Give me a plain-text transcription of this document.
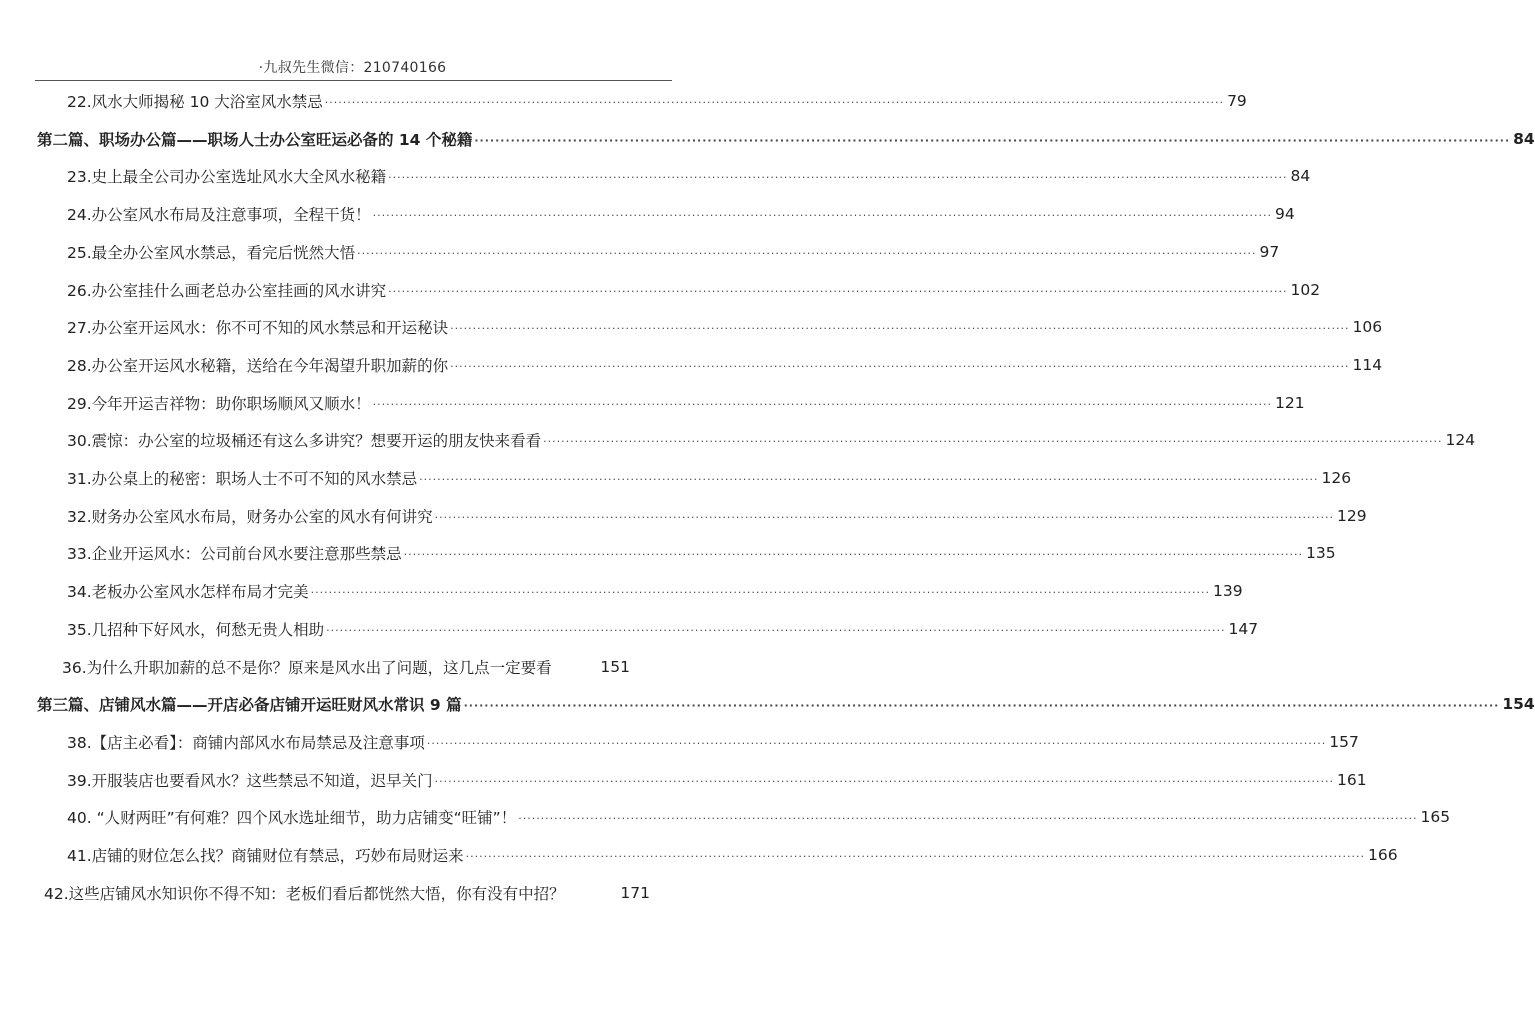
·九叔先生微信：210740166
22.风水大师揭秘 10 大浴室风水禁忌 ········································································································································································································ 79
第二篇、职场办公篇——职场人士办公室旺运必备的 14 个秘籍 ········································································································································································································ 84
23.史上最全公司办公室选址风水大全风水秘籍 ········································································································································································································ 84
24.办公室风水布局及注意事项，全程干货！ ········································································································································································································ 94
25.最全办公室风水禁忌，看完后恍然大悟 ········································································································································································································ 97
26.办公室挂什么画老总办公室挂画的风水讲究 ········································································································································································································ 102
27.办公室开运风水：你不可不知的风水禁忌和开运秘诀 ········································································································································································································ 106
28.办公室开运风水秘籍，送给在今年渴望升职加薪的你 ········································································································································································································ 114
29.今年开运吉祥物：助你职场顺风又顺水！ ········································································································································································································ 121
30.震惊：办公室的垃圾桶还有这么多讲究？想要开运的朋友快来看看 ········································································································································································································ 124
31.办公桌上的秘密：职场人士不可不知的风水禁忌 ········································································································································································································ 126
32.财务办公室风水布局，财务办公室的风水有何讲究 ········································································································································································································ 129
33.企业开运风水：公司前台风水要注意那些禁忌 ········································································································································································································ 135
34.老板办公室风水怎样布局才完美 ········································································································································································································ 139
35.几招种下好风水，何愁无贵人相助 ········································································································································································································ 147
36.为什么升职加薪的总不是你？原来是风水出了问题，这几点一定要看	151
第三篇、店铺风水篇——开店必备店铺开运旺财风水常识 9 篇 ········································································································································································································ 154
38.【店主必看】：商铺内部风水布局禁忌及注意事项 ········································································································································································································ 157
39.开服装店也要看风水？这些禁忌不知道，迟早关门 ········································································································································································································ 161
40. “人财两旺”有何难？四个风水选址细节，助力店铺变“旺铺”！ ········································································································································································································ 165
41.店铺的财位怎么找？商铺财位有禁忌，巧妙布局财运来 ········································································································································································································ 166
42.这些店铺风水知识你不得不知：老板们看后都恍然大悟，你有没有中招？	171
